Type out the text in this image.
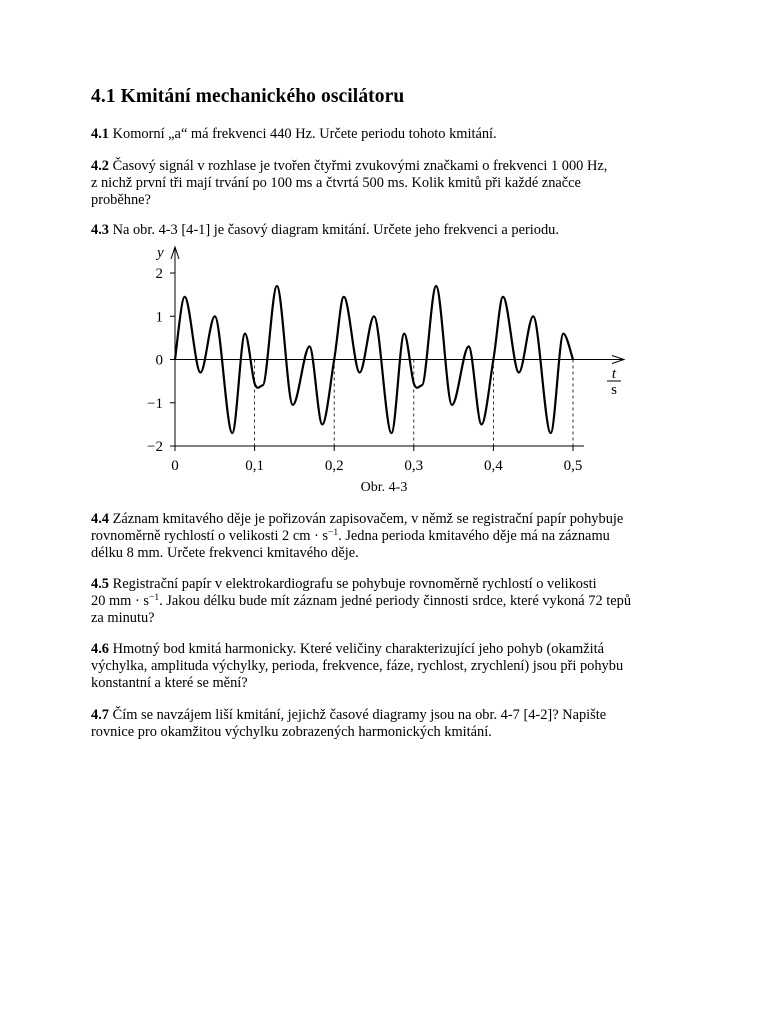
4.1 Kmitání mechanického oscilátoru

4.1 Komorní „a“ má frekvenci 440 Hz. Určete periodu tohoto kmitání.

4.2 Časový signál v rozhlase je tvořen čtyřmi zvukovými značkami o frekvenci 1 000 Hz,
z nichž první tři mají trvání po 100 ms a čtvrtá 500 ms. Kolik kmitů při každé značce
proběhne?

4.3 Na obr. 4-3 [4-1] je časový diagram kmitání. Určete jeho frekvenci a periodu.

−2
−1
0
1
2
0	0,1	0,2	0,3	0,4	0,5
y
t
s
Obr. 4-3

4.4 Záznam kmitavého děje je pořizován zapisovačem, v němž se registrační papír pohybuje
rovnoměrně rychlostí o velikosti 2 cm · $s^{-1}$. Jedna perioda kmitavého děje má na záznamu
délku 8 mm. Určete frekvenci kmitavého děje.

4.5 Registrační papír v elektrokardiografu se pohybuje rovnoměrně rychlostí o velikosti
20 mm · $s^{-1}$. Jakou délku bude mít záznam jedné periody činnosti srdce, které vykoná 72 tepů
za minutu?

4.6 Hmotný bod kmitá harmonicky. Které veličiny charakterizující jeho pohyb (okamžitá
výchylka, amplituda výchylky, perioda, frekvence, fáze, rychlost, zrychlení) jsou při pohybu
konstantní a které se mění?

4.7 Čím se navzájem liší kmitání, jejichž časové diagramy jsou na obr. 4-7 [4-2]? Napište
rovnice pro okamžitou výchylku zobrazených harmonických kmitání.
